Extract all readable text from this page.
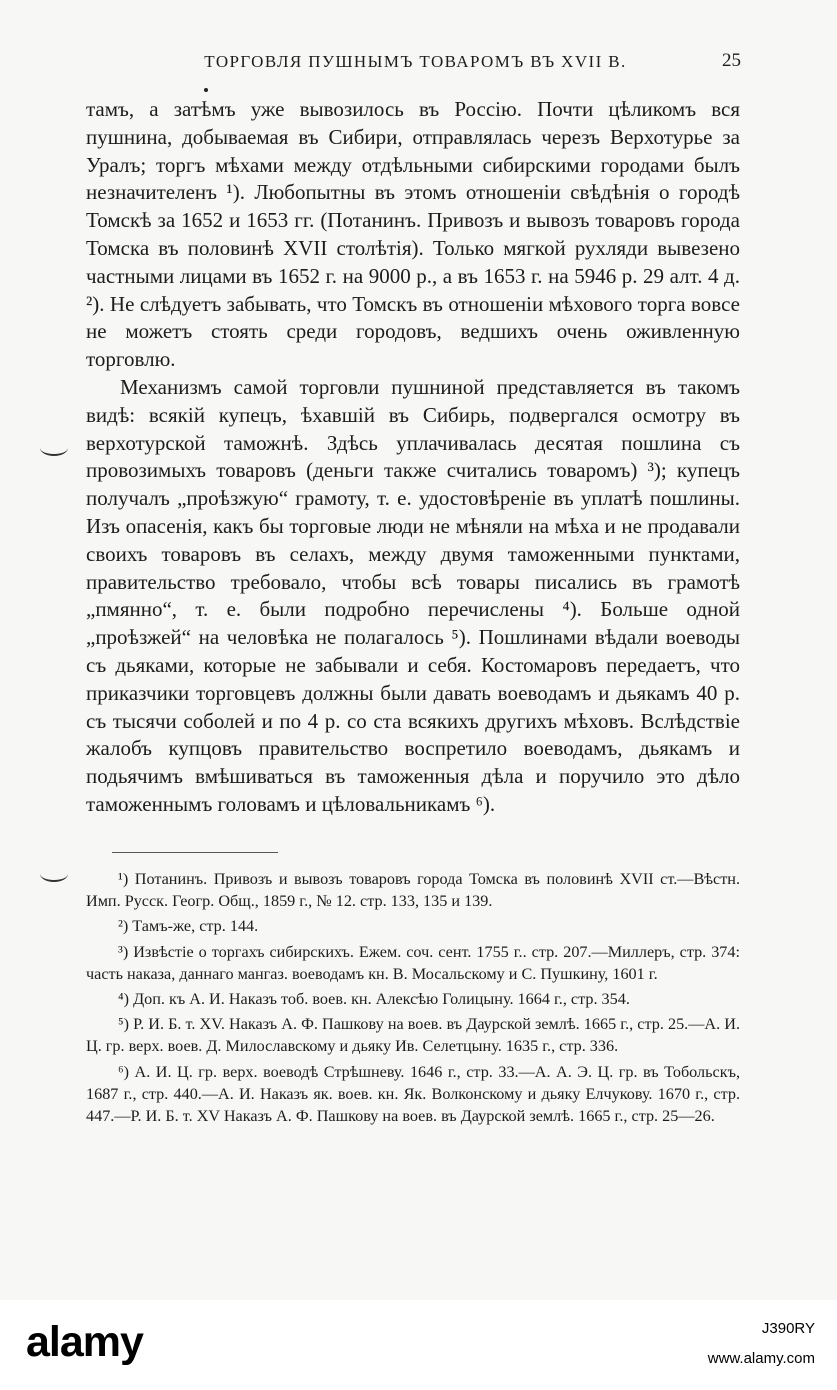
ТОРГОВЛЯ ПУШНЫМЪ ТОВАРОМЪ ВЪ XVII В.	25

тамъ, а затѣмъ уже вывозилось въ Россію. Почти цѣликомъ вся пушнина, добываемая въ Сибири, отправлялась черезъ Верхотурье за Уралъ; торгъ мѣхами между отдѣльными сибирскими городами былъ незначителенъ ¹). Любопытны въ этомъ отношеніи свѣдѣнія о городѣ Томскѣ за 1652 и 1653 гг. (Потанинъ. Привозъ и вывозъ товаровъ города Томска въ половинѣ XVII столѣтія). Только мягкой рухляди вывезено частными лицами въ 1652 г. на 9000 р., а въ 1653 г. на 5946 р. 29 алт. 4 д. ²). Не слѣдуетъ забывать, что Томскъ въ отношеніи мѣхового торга вовсе не можетъ стоять среди городовъ, ведшихъ очень оживленную торговлю.

Механизмъ самой торговли пушниной представляется въ такомъ видѣ: всякій купецъ, ѣхавшій въ Сибирь, подвергался осмотру въ верхотурской таможнѣ. Здѣсь уплачивалась десятая пошлина съ провозимыхъ товаровъ (деньги также считались товаромъ) ³); купецъ получалъ „проѣзжую“ грамоту, т. е. удостовѣреніе въ уплатѣ пошлины. Изъ опасенія, какъ бы торговые люди не мѣняли на мѣха и не продавали своихъ товаровъ въ селахъ, между двумя таможенными пунктами, правительство требовало, чтобы всѣ товары писались въ грамотѣ „пмянно“, т. е. были подробно перечислены ⁴). Больше одной „проѣзжей“ на человѣка не полагалось ⁵). Пошлинами вѣдали воеводы съ дьяками, которые не забывали и себя. Костомаровъ передаетъ, что приказчики торговцевъ должны были давать воеводамъ и дьякамъ 40 р. съ тысячи соболей и по 4 р. со ста всякихъ другихъ мѣховъ. Вслѣдствіе жалобъ купцовъ правительство воспретило воеводамъ, дьякамъ и подьячимъ вмѣшиваться въ таможенныя дѣла и поручило это дѣло таможеннымъ головамъ и цѣловальникамъ ⁶).

¹) Потанинъ. Привозъ и вывозъ товаровъ города Томска въ половинѣ XVII ст.—Вѣстн. Имп. Русск. Геогр. Общ., 1859 г., № 12. стр. 133, 135 и 139.

²) Тамъ-же, стр. 144.

³) Извѣстіе о торгахъ сибирскихъ. Ежем. соч. сент. 1755 г.. стр. 207.—Миллеръ, стр. 374: часть наказа, даннаго мангаз. воеводамъ кн. В. Мосальскому и С. Пушкину, 1601 г.

⁴) Доп. къ А. И. Наказъ тоб. воев. кн. Алексѣю Голицыну. 1664 г., стр. 354.

⁵) Р. И. Б. т. XV. Наказъ А. Ф. Пашкову на воев. въ Даурской землѣ. 1665 г., стр. 25.—А. И. Ц. гр. верх. воев. Д. Милославскому и дьяку Ив. Селетцыну. 1635 г., стр. 336.

⁶) А. И. Ц. гр. верх. воеводѣ Стрѣшневу. 1646 г., стр. 33.—А. А. Э. Ц. гр. въ Тобольскъ, 1687 г., стр. 440.—А. И. Наказъ як. воев. кн. Як. Волконскому и дьяку Елчукову. 1670 г., стр. 447.—Р. И. Б. т. XV Наказъ А. Ф. Пашкову на воев. въ Даурской землѣ. 1665 г., стр. 25—26.

alamy	J390RY
www.alamy.com
